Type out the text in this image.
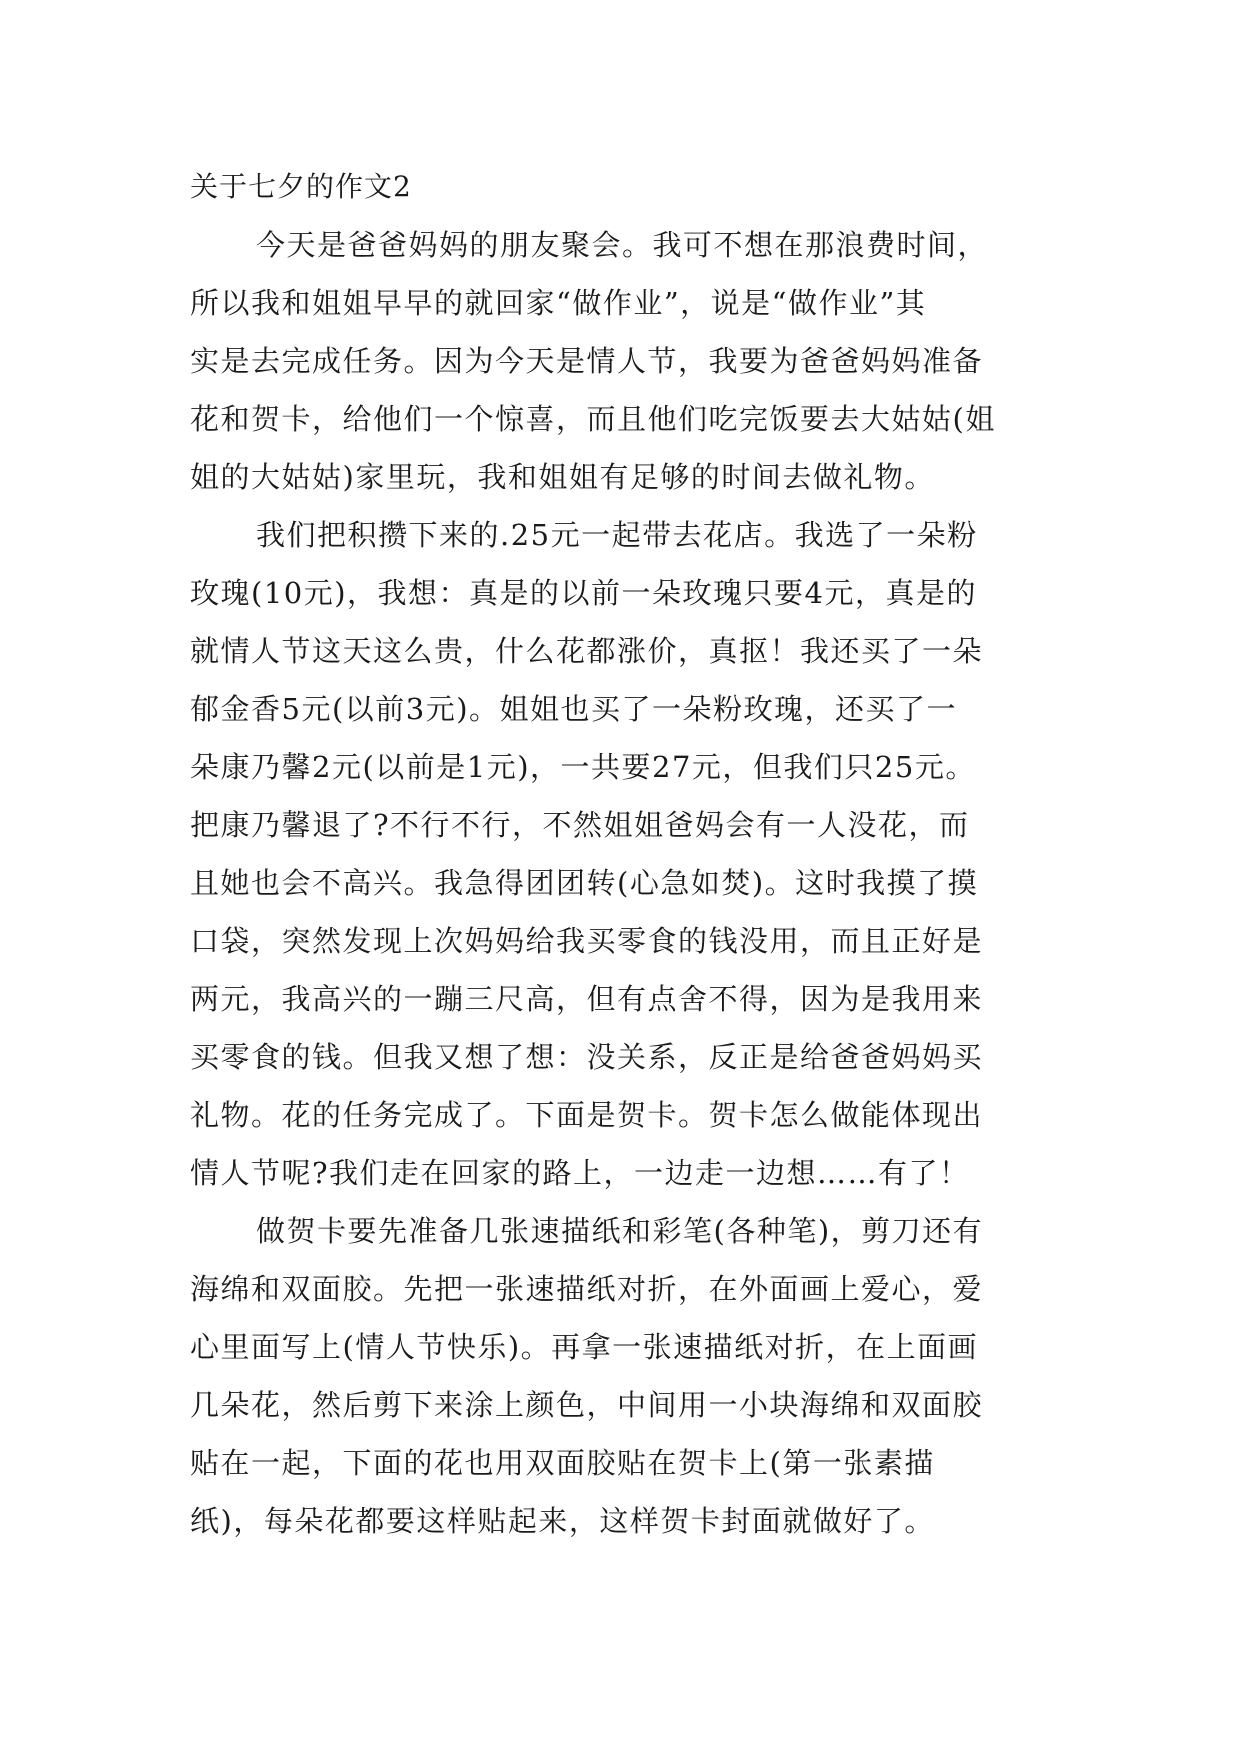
关于七夕的作文2

今天是爸爸妈妈的朋友聚会。我可不想在那浪费时间，

所以我和姐姐早早的就回家“做作业”，说是“做作业”其

实是去完成任务。因为今天是情人节，我要为爸爸妈妈准备

花和贺卡，给他们一个惊喜，而且他们吃完饭要去大姑姑(姐

姐的大姑姑)家里玩，我和姐姐有足够的时间去做礼物。

我们把积攒下来的.25元一起带去花店。我选了一朵粉

玫瑰(10元)，我想：真是的以前一朵玫瑰只要4元，真是的

就情人节这天这么贵，什么花都涨价，真抠！我还买了一朵

郁金香5元(以前3元)。姐姐也买了一朵粉玫瑰，还买了一

朵康乃馨2元(以前是1元)，一共要27元，但我们只25元。

把康乃馨退了?不行不行，不然姐姐爸妈会有一人没花，而

且她也会不高兴。我急得团团转(心急如焚)。这时我摸了摸

口袋，突然发现上次妈妈给我买零食的钱没用，而且正好是

两元，我高兴的一蹦三尺高，但有点舍不得，因为是我用来

买零食的钱。但我又想了想：没关系，反正是给爸爸妈妈买

礼物。花的任务完成了。下面是贺卡。贺卡怎么做能体现出

情人节呢?我们走在回家的路上，一边走一边想……有了！

做贺卡要先准备几张速描纸和彩笔(各种笔)，剪刀还有

海绵和双面胶。先把一张速描纸对折，在外面画上爱心，爱

心里面写上(情人节快乐)。再拿一张速描纸对折，在上面画

几朵花，然后剪下来涂上颜色，中间用一小块海绵和双面胶

贴在一起，下面的花也用双面胶贴在贺卡上(第一张素描

纸)，每朵花都要这样贴起来，这样贺卡封面就做好了。
